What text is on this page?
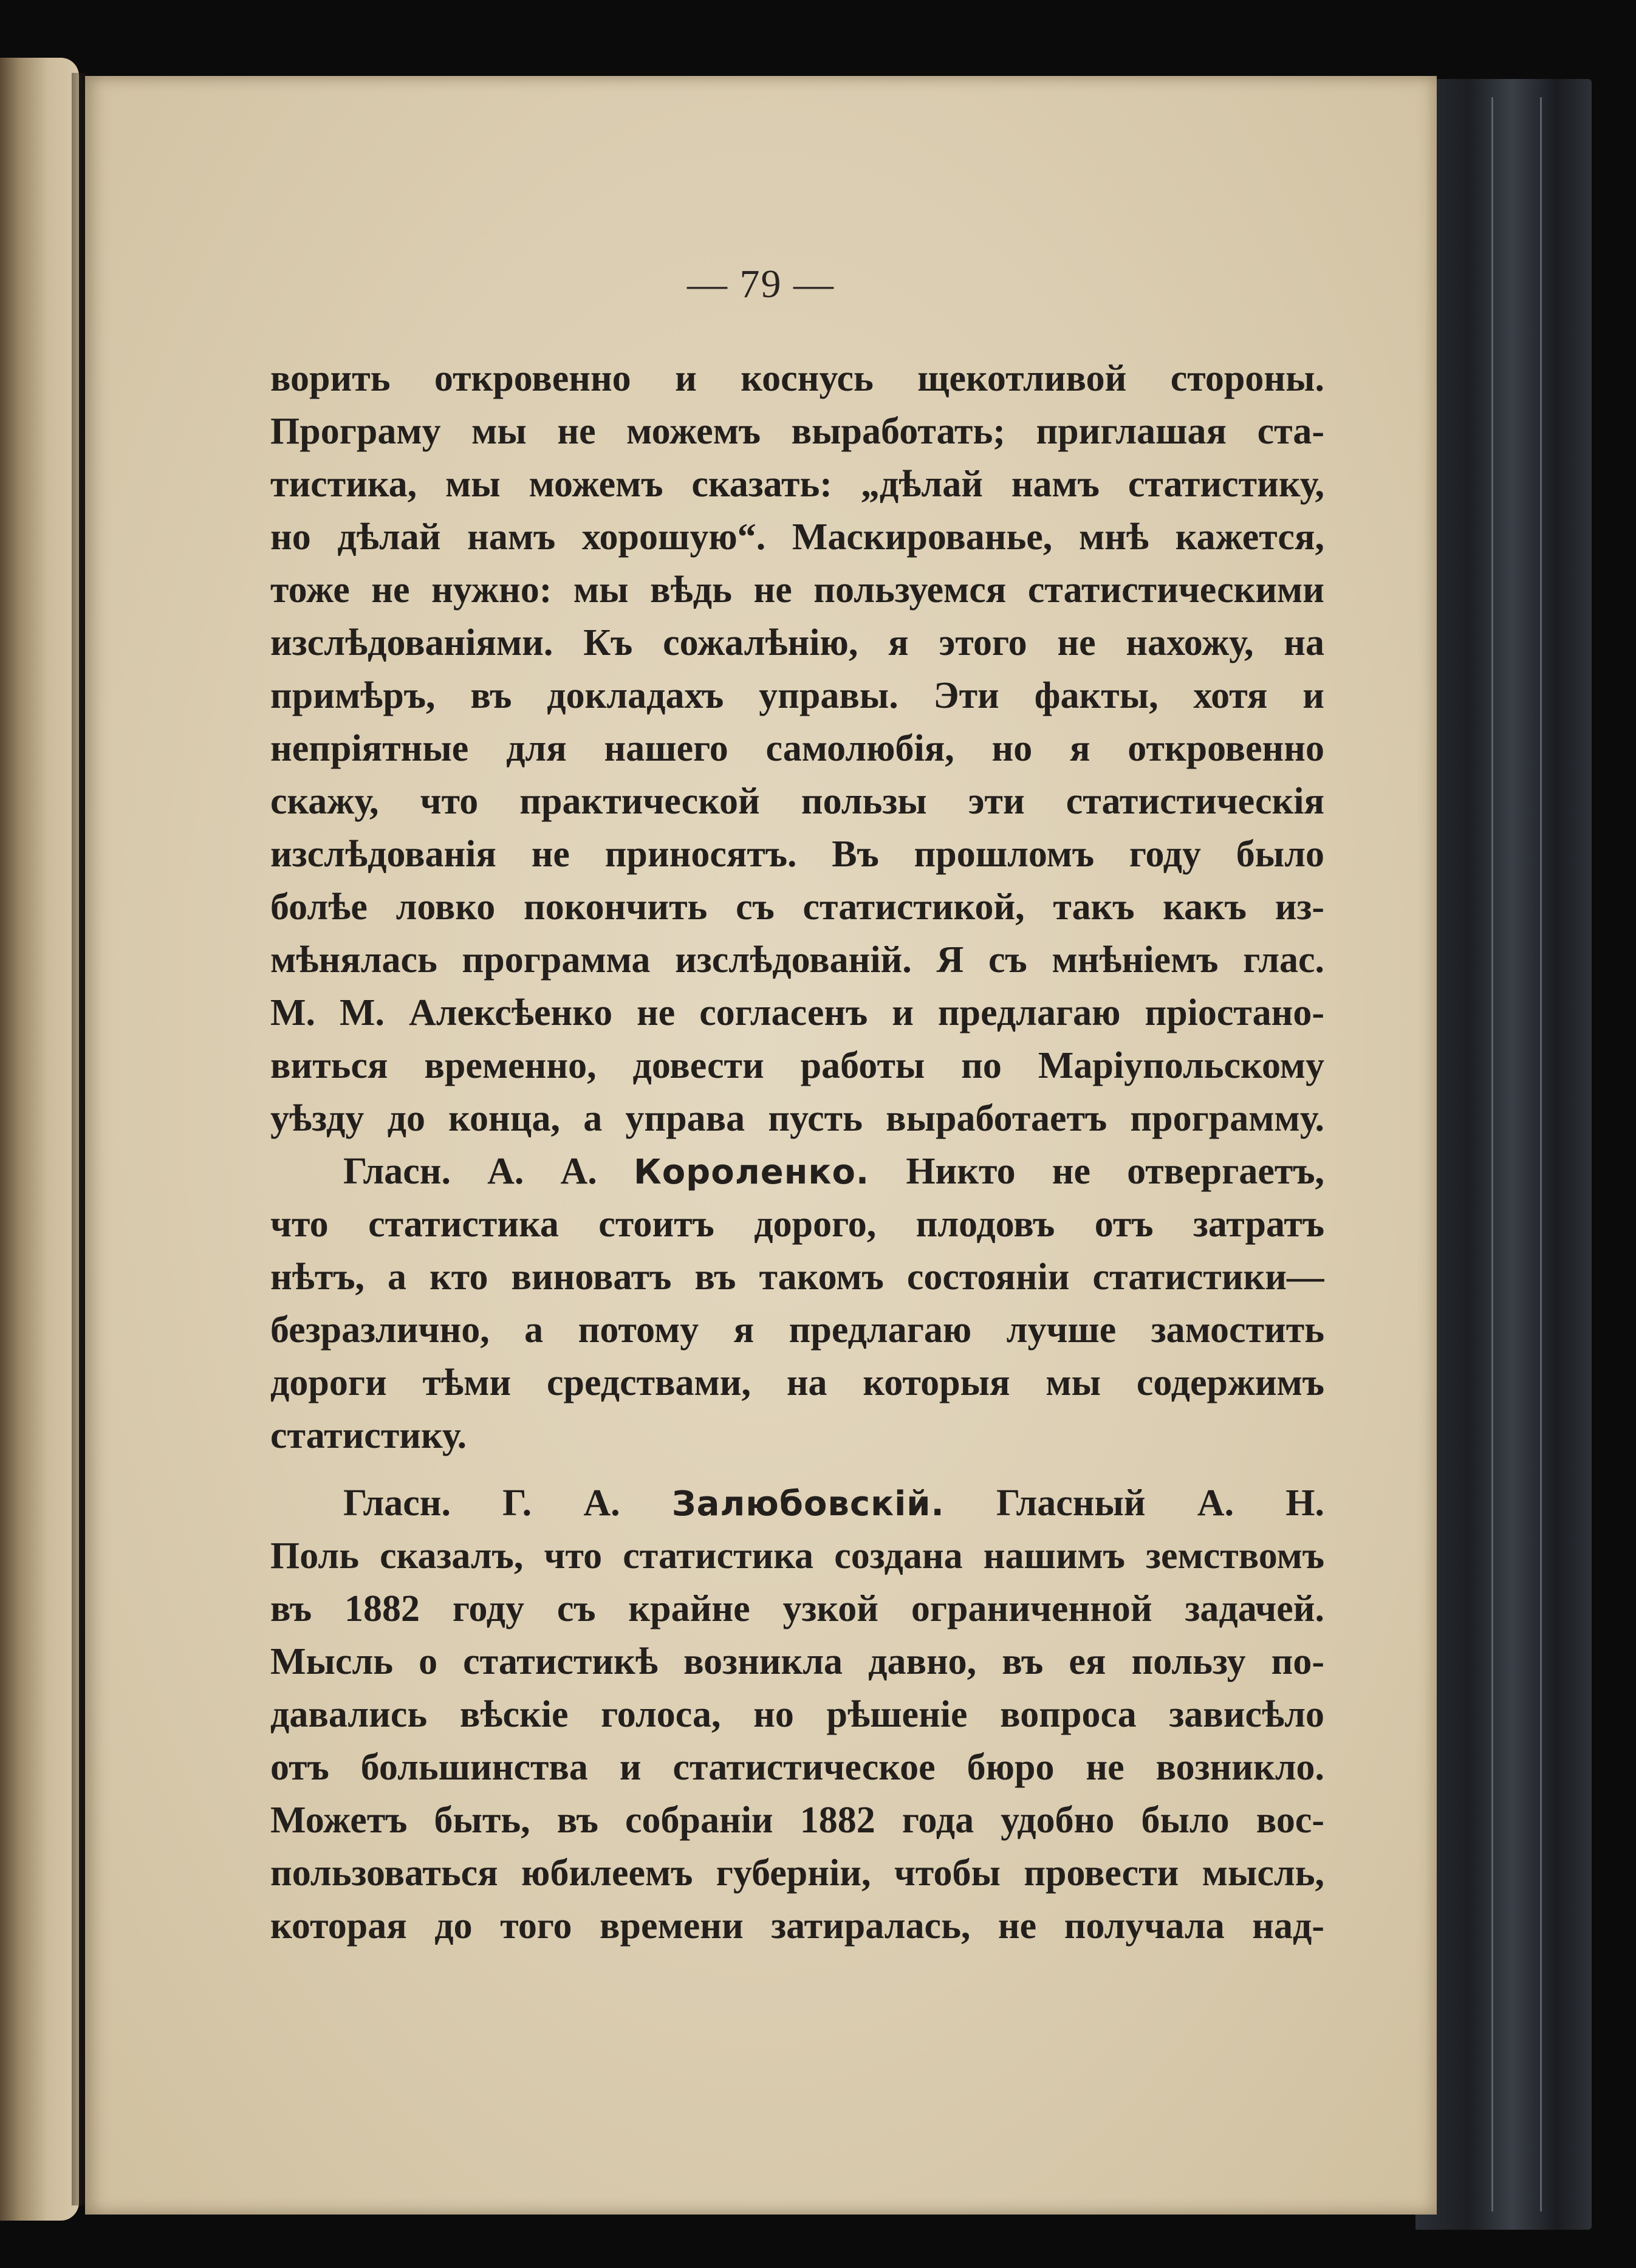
— 79 —
ворить откровенно и коснусь щекотливой стороны.
Програму мы не можемъ выработать; приглашая ста-
тистика, мы можемъ сказать: „дѣлай намъ статистику,
но дѣлай намъ хорошую“. Маскированье, мнѣ кажется,
тоже не нужно: мы вѣдь не пользуемся статистическими
изслѣдованіями. Къ сожалѣнію, я этого не нахожу, на
примѣръ, въ докладахъ управы. Эти факты, хотя и
непріятные для нашего самолюбія, но я откровенно
скажу, что практической пользы эти статистическія
изслѣдованія не приносятъ. Въ прошломъ году было
болѣе ловко покончить съ статистикой, такъ какъ из-
мѣнялась программа изслѣдованій. Я съ мнѣніемъ глас.
М. М. Алексѣенко не согласенъ и предлагаю пріостано-
виться временно, довести работы по Маріупольскому
уѣзду до конца, а управа пусть выработаетъ программу.
Гласн. А. А. Короленко. Никто не отвергаетъ,
что статистика стоитъ дорого, плодовъ отъ затратъ
нѣтъ, а кто виноватъ въ такомъ состояніи статистики—
безразлично, а потому я предлагаю лучше замостить
дороги тѣми средствами, на которыя мы содержимъ
статистику.
Гласн. Г. А. Залюбовскій. Гласный А. Н.
Поль сказалъ, что статистика создана нашимъ земствомъ
въ 1882 году съ крайне узкой ограниченной задачей.
Мысль о статистикѣ возникла давно, въ ея пользу по-
давались вѣскіе голоса, но рѣшеніе вопроса зависѣло
отъ большинства и статистическое бюро не возникло.
Можетъ быть, въ собраніи 1882 года удобно было вос-
пользоваться юбилеемъ губерніи, чтобы провести мысль,
которая до того времени затиралась, не получала над-
